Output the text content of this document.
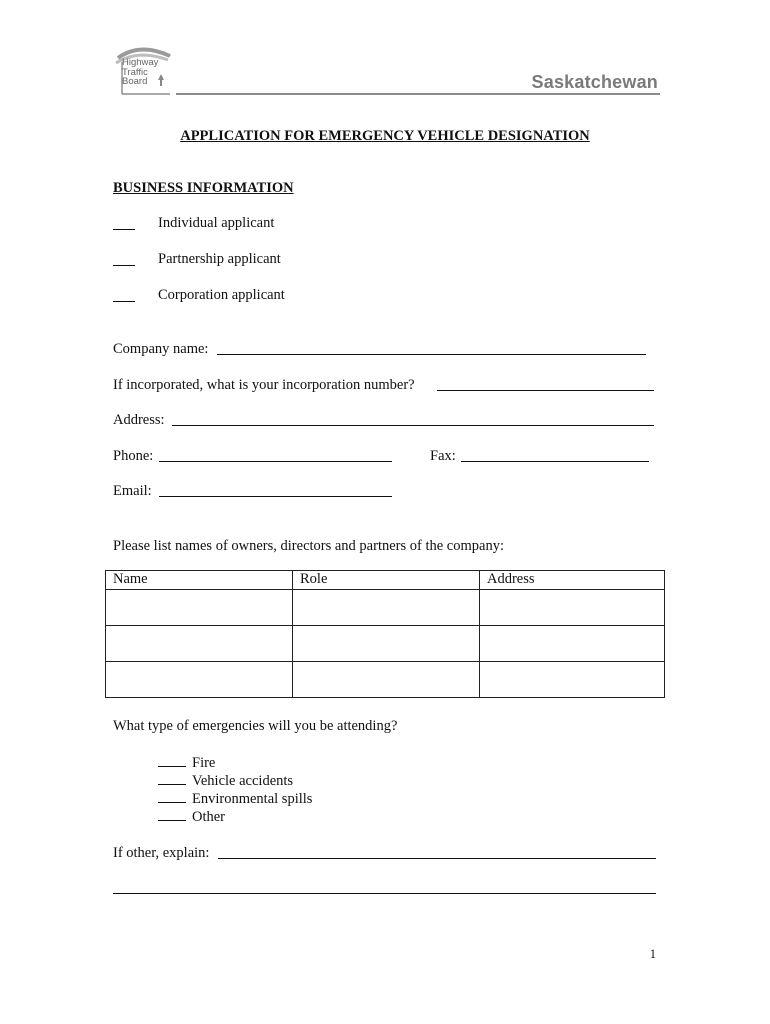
Highway
Traffic
Board	Saskatchewan
APPLICATION FOR EMERGENCY VEHICLE DESIGNATION
BUSINESS INFORMATION
Individual applicant
Partnership applicant
Corporation applicant
Company name:
If incorporated, what is your incorporation number?
Address:
Phone:	Fax:
Email:
Please list names of owners, directors and partners of the company:
Name	Role	Address

What type of emergencies will you be attending?
Fire
Vehicle accidents
Environmental spills
Other
If other, explain:
1
